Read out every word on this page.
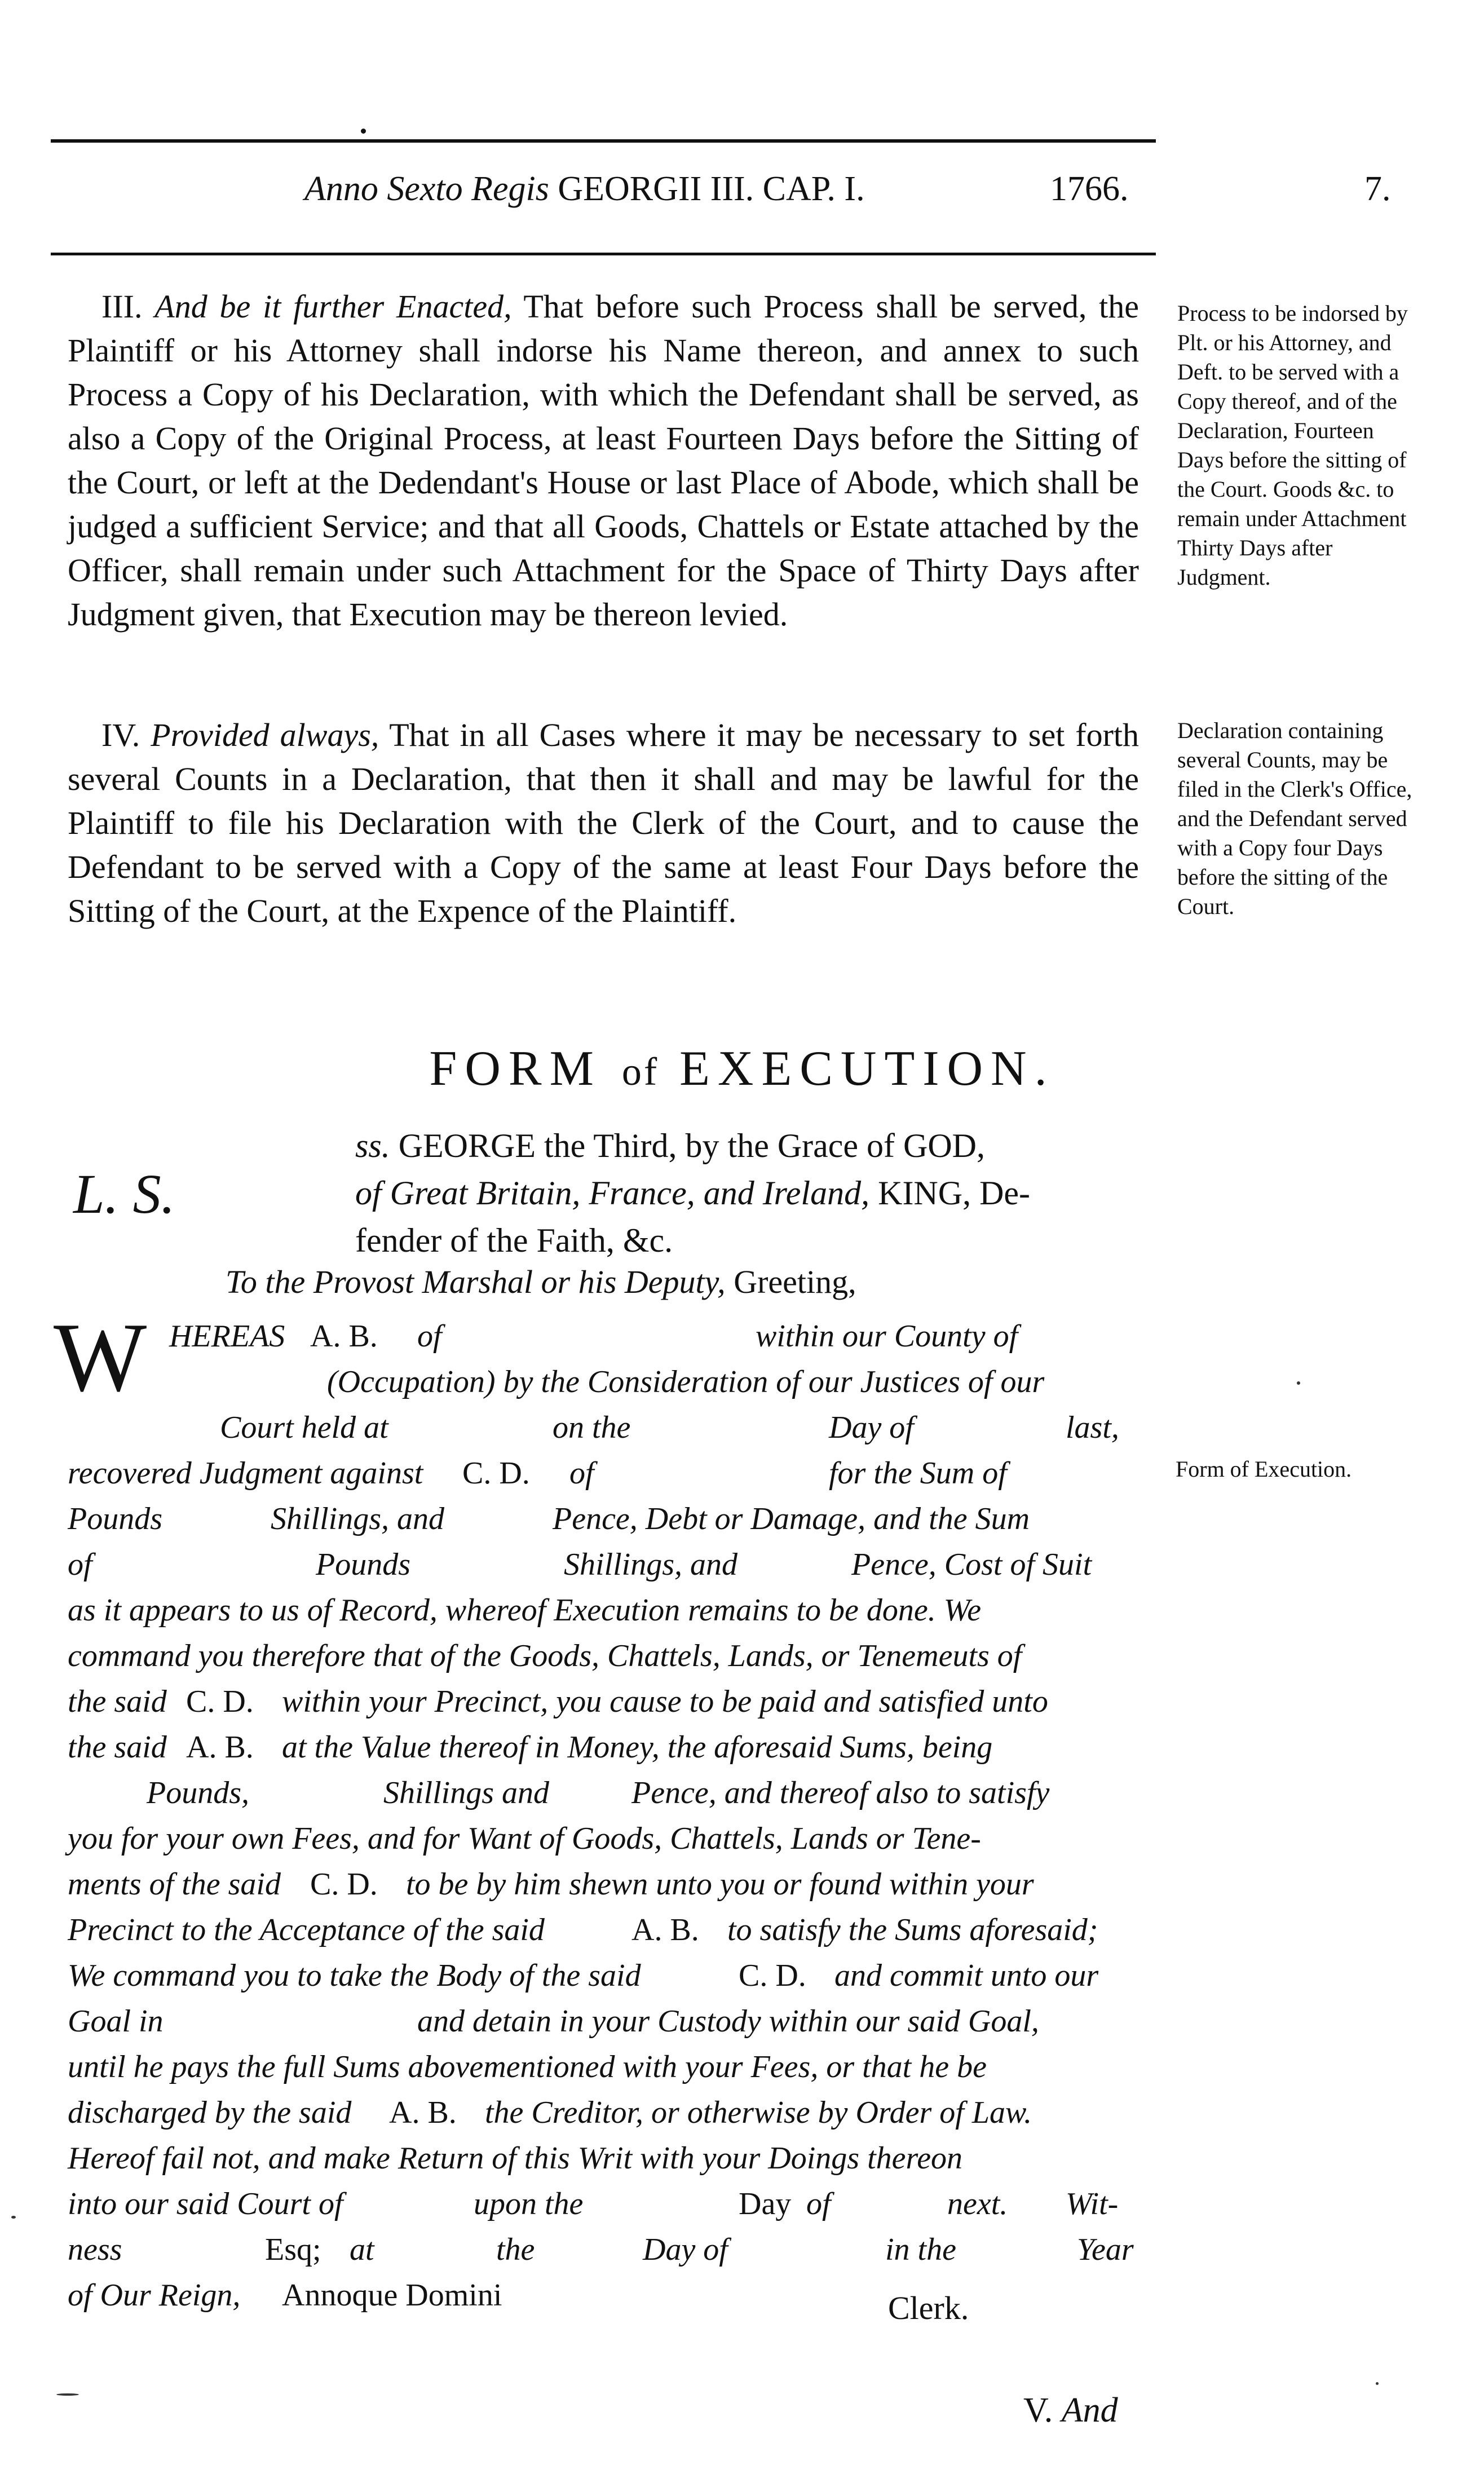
Anno Sexto Regis GEORGII III. CAP. I.	1766.	7.

III. And be it further Enacted, That before such Process shall be served, the Plaintiff or his Attorney shall indorse his Name thereon, and annex to such Process a Copy of his Declaration, with which the Defendant shall be served, as also a Copy of the Original Process, at least Fourteen Days before the Sitting of the Court, or left at the Dedendant's House or last Place of Abode, which shall be judged a sufficient Service; and that all Goods, Chattels or Estate attached by the Officer, shall remain under such Attachment for the Space of Thirty Days after Judgment given, that Execution may be thereon levied.

Process to be indorsed by Plt. or his Attorney, and Deft. to be served with a Copy thereof, and of the Declaration, Fourteen Days before the sitting of the Court. Goods &c. to remain under Attachment Thirty Days after Judgment.

IV. Provided always, That in all Cases where it may be necessary to set forth several Counts in a Declaration, that then it shall and may be lawful for the Plaintiff to file his Declaration with the Clerk of the Court, and to cause the Defendant to be served with a Copy of the same at least Four Days before the Sitting of the Court, at the Expence of the Plaintiff.

Declaration containing several Counts, may be filed in the Clerk's Office, and the Defendant served with a Copy four Days before the sitting of the Court.
FORM of EXECUTION.
L. S.

ss. GEORGE the Third, by the Grace of GOD,

of Great Britain, France, and Ireland, KING, De-

fender of the Faith, &c.

To the Provost Marshal or his Deputy, Greeting,
W HEREAS A. B. of	within our County of
(Occupation) by the Consideration of our Justices of our
Court held at	on the	Day of	last,
recovered Judgment against C. D. of	for the Sum of
Pounds	Shillings, and	Pence, Debt or Damage, and the Sum
of	Pounds	Shillings, and	Pence, Cost of Suit
as it appears to us of Record, whereof Execution remains to be done. We
command you therefore that of the Goods, Chattels, Lands, or Tenemeuts of
the said C. D. within your Precinct, you cause to be paid and satisfied unto
the said A. B. at the Value thereof in Money, the aforesaid Sums, being
Pounds,	Shillings and	Pence, and thereof also to satisfy
you for your own Fees, and for Want of Goods, Chattels, Lands or Tene-
ments of the said C. D. to be by him shewn unto you or found within your
Precinct to the Acceptance of the said	A. B. to satisfy the Sums aforesaid;
We command you to take the Body of the said	C. D. and commit unto our
Goal in	and detain in your Custody within our said Goal,
until he pays the full Sums abovementioned with your Fees, or that he be
discharged by the said A. B. the Creditor, or otherwise by Order of Law.
Hereof fail not, and make Return of this Writ with your Doings thereon
into our said Court of	upon the	Day of	next. Wit-
ness	Esq; at	the	Day of	in the	Year
of Our Reign, Annoque Domini
Form of Execution.
Clerk.
V. And
